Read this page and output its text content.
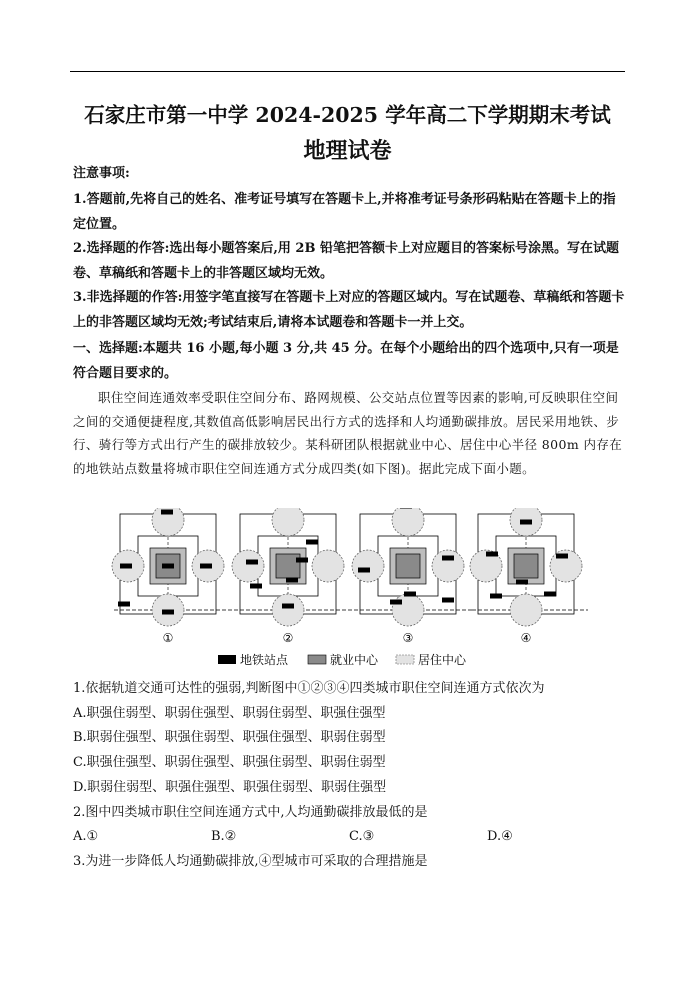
石家庄市第一中学 2024-2025 学年高二下学期期末考试
地理试卷
注意事项:

1.答题前,先将自己的姓名、准考证号填写在答题卡上,并将准考证号条形码粘贴在答题卡上的指定位置。

2.选择题的作答:选出每小题答案后,用 2B 铅笔把答额卡上对应题目的答案标号涂黑。写在试题卷、草稿纸和答题卡上的非答题区域均无效。

3.非选择题的作答:用签字笔直接写在答题卡上对应的答题区域内。写在试题卷、草稿纸和答题卡上的非答题区域均无效;考试结束后,请将本试题卷和答题卡一并上交。

一、选择题:本题共 16 小题,每小题 3 分,共 45 分。在每个小题给出的四个选项中,只有一项是符合题目要求的。

职住空间连通效率受职住空间分布、路网规模、公交站点位置等因素的影响,可反映职住空间之间的交通便捷程度,其数值高低影响居民出行方式的选择和人均通勤碳排放。居民采用地铁、步行、骑行等方式出行产生的碳排放较少。某科研团队根据就业中心、居住中心半径 800m 内存在的地铁站点数量将城市职住空间连通方式分成四类(如下图)。据此完成下面小题。

①	②	③	④
地铁站点	就业中心	居住中心

1.依据轨道交通可达性的强弱,判断图中①②③④四类城市职住空间连通方式依次为

A.职强住弱型、职弱住强型、职弱住弱型、职强住强型

B.职弱住强型、职强住弱型、职强住强型、职弱住弱型

C.职强住强型、职弱住强型、职强住弱型、职弱住弱型

D.职弱住弱型、职强住强型、职强住弱型、职弱住强型

2.图中四类城市职住空间连通方式中,人均通勤碳排放最低的是

A.①	B.②	C.③	D.④

3.为进一步降低人均通勤碳排放,④型城市可采取的合理措施是
